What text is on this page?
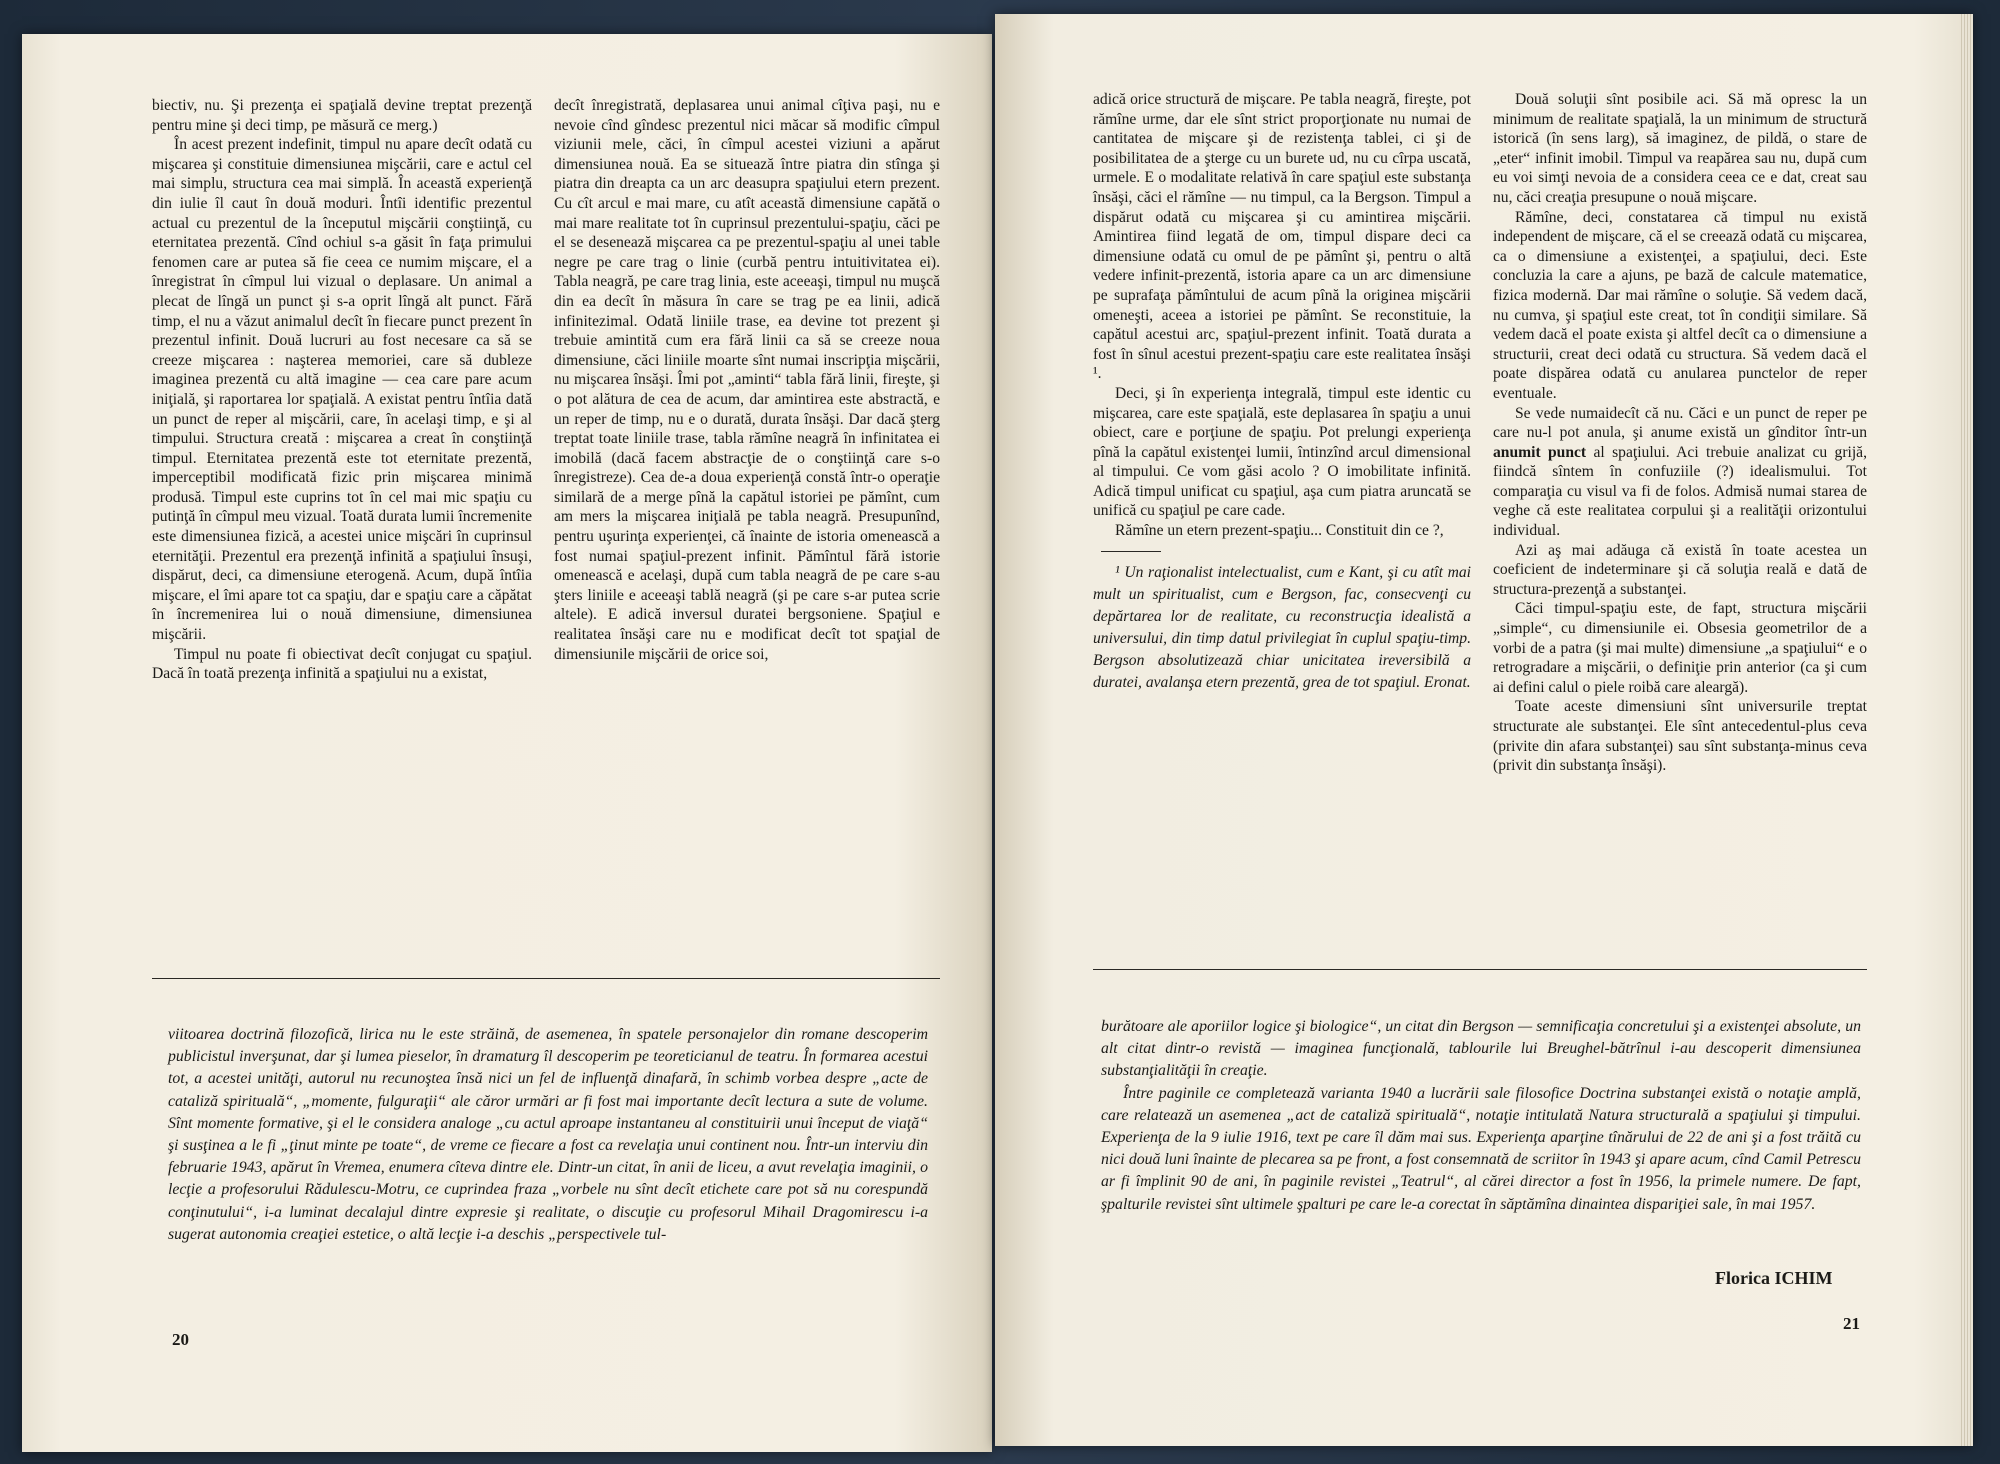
biectiv, nu. Şi prezenţa ei spaţială devine treptat prezenţă pentru mine şi deci timp, pe măsură ce merg.)

În acest prezent indefinit, timpul nu apare decît odată cu mişcarea şi constituie dimensiunea mişcării, care e actul cel mai simplu, structura cea mai simplă. În această experienţă din iulie îl caut în două moduri. Întîi identific prezentul actual cu prezentul de la începutul mişcării conştiinţă, cu eternitatea prezentă. Cînd ochiul s-a găsit în faţa primului fenomen care ar putea să fie ceea ce numim mişcare, el a înregistrat în cîmpul lui vizual o deplasare. Un animal a plecat de lîngă un punct şi s-a oprit lîngă alt punct. Fără timp, el nu a văzut animalul decît în fiecare punct prezent în prezentul infinit. Două lucruri au fost necesare ca să se creeze mişcarea : naşterea memoriei, care să dubleze imaginea prezentă cu altă imagine — cea care pare acum iniţială, şi raportarea lor spaţială. A existat pentru întîia dată un punct de reper al mişcării, care, în acelaşi timp, e şi al timpului. Structura creată : mişcarea a creat în conştiinţă timpul. Eternitatea prezentă este tot eternitate prezentă, imperceptibil modificată fizic prin mişcarea minimă produsă. Timpul este cuprins tot în cel mai mic spaţiu cu putinţă în cîmpul meu vizual. Toată durata lumii încremenite este dimensiunea fizică, a acestei unice mişcări în cuprinsul eternităţii. Prezentul era prezenţă infinită a spaţiului însuşi, dispărut, deci, ca dimensiune eterogenă. Acum, după întîia mişcare, el îmi apare tot ca spaţiu, dar e spaţiu care a căpătat în încremenirea lui o nouă dimensiune, dimensiunea mişcării.

Timpul nu poate fi obiectivat decît conjugat cu spaţiul. Dacă în toată prezenţa infinită a spaţiului nu a existat,

decît înregistrată, deplasarea unui animal cîţiva paşi, nu e nevoie cînd gîndesc prezentul nici măcar să modific cîmpul viziunii mele, căci, în cîmpul acestei viziuni a apărut dimensiunea nouă. Ea se situează între piatra din stînga şi piatra din dreapta ca un arc deasupra spaţiului etern prezent. Cu cît arcul e mai mare, cu atît această dimensiune capătă o mai mare realitate tot în cuprinsul prezentului-spaţiu, căci pe el se desenează mişcarea ca pe prezentul-spaţiu al unei table negre pe care trag o linie (curbă pentru intuitivitatea ei). Tabla neagră, pe care trag linia, este aceeaşi, timpul nu muşcă din ea decît în măsura în care se trag pe ea linii, adică infinitezimal. Odată liniile trase, ea devine tot prezent şi trebuie amintită cum era fără linii ca să se creeze noua dimensiune, căci liniile moarte sînt numai inscripţia mişcării, nu mişcarea însăşi. Îmi pot „aminti“ tabla fără linii, fireşte, şi o pot alătura de cea de acum, dar amintirea este abstractă, e un reper de timp, nu e o durată, durata însăşi. Dar dacă şterg treptat toate liniile trase, tabla rămîne neagră în infinitatea ei imobilă (dacă facem abstracţie de o conştiinţă care s-o înregistreze). Cea de-a doua experienţă constă într-o operaţie similară de a merge pînă la capătul istoriei pe pămînt, cum am mers la mişcarea iniţială pe tabla neagră. Presupunînd, pentru uşurinţa experienţei, că înainte de istoria omenească a fost numai spaţiul-prezent infinit. Pămîntul fără istorie omenească e acelaşi, după cum tabla neagră de pe care s-au şters liniile e aceeaşi tablă neagră (şi pe care s-ar putea scrie altele). E adică inversul duratei bergsoniene. Spaţiul e realitatea însăşi care nu e modificat decît tot spaţial de dimensiunile mişcării de orice soi,

viitoarea doctrină filozofică, lirica nu le este străină, de asemenea, în spatele personajelor din romane descoperim publicistul inverşunat, dar şi lumea pieselor, în dramaturg îl descoperim pe teoreticianul de teatru. În formarea acestui tot, a acestei unităţi, autorul nu recunoştea însă nici un fel de influenţă dinafară, în schimb vorbea despre „acte de cataliză spirituală“, „momente, fulguraţii“ ale căror urmări ar fi fost mai importante decît lectura a sute de volume. Sînt momente formative, şi el le considera analoge „cu actul aproape instantaneu al constituirii unui început de viaţă“ şi susţinea a le fi „ţinut minte pe toate“, de vreme ce fiecare a fost ca revelaţia unui continent nou. Într-un interviu din februarie 1943, apărut în Vremea, enumera cîteva dintre ele. Dintr-un citat, în anii de liceu, a avut revelaţia imaginii, o lecţie a profesorului Rădulescu-Motru, ce cuprindea fraza „vorbele nu sînt decît etichete care pot să nu corespundă conţinutului“, i-a luminat decalajul dintre expresie şi realitate, o discuţie cu profesorul Mihail Dragomirescu i-a sugerat autonomia creaţiei estetice, o altă lecţie i-a deschis „perspectivele tul-
20

adică orice structură de mişcare. Pe tabla neagră, fireşte, pot rămîne urme, dar ele sînt strict proporţionate nu numai de cantitatea de mişcare şi de rezistenţa tablei, ci şi de posibilitatea de a şterge cu un burete ud, nu cu cîrpa uscată, urmele. E o modalitate relativă în care spaţiul este substanţa însăşi, căci el rămîne — nu timpul, ca la Bergson. Timpul a dispărut odată cu mişcarea şi cu amintirea mişcării. Amintirea fiind legată de om, timpul dispare deci ca dimensiune odată cu omul de pe pămînt şi, pentru o altă vedere infinit-prezentă, istoria apare ca un arc dimensiune pe suprafaţa pămîntului de acum pînă la originea mişcării omeneşti, aceea a istoriei pe pămînt. Se reconstituie, la capătul acestui arc, spaţiul-prezent infinit. Toată durata a fost în sînul acestui prezent-spaţiu care este realitatea însăşi ¹.

Deci, şi în experienţa integrală, timpul este identic cu mişcarea, care este spaţială, este deplasarea în spaţiu a unui obiect, care e porţiune de spaţiu. Pot prelungi experienţa pînă la capătul existenţei lumii, întinzînd arcul dimensional al timpului. Ce vom găsi acolo ? O imobilitate infinită. Adică timpul unificat cu spaţiul, aşa cum piatra aruncată se unifică cu spaţiul pe care cade.

Rămîne un etern prezent-spaţiu... Constituit din ce ?,

¹ Un raţionalist intelectualist, cum e Kant, şi cu atît mai mult un spiritualist, cum e Bergson, fac, consecvenţi cu depărtarea lor de realitate, cu reconstrucţia idealistă a universului, din timp datul privilegiat în cuplul spaţiu-timp. Bergson absolutizează chiar unicitatea ireversibilă a duratei, avalanşa etern prezentă, grea de tot spaţiul. Eronat.

Două soluţii sînt posibile aci. Să mă opresc la un minimum de realitate spaţială, la un minimum de structură istorică (în sens larg), să imaginez, de pildă, o stare de „eter“ infinit imobil. Timpul va reapărea sau nu, după cum eu voi simţi nevoia de a considera ceea ce e dat, creat sau nu, căci creaţia presupune o nouă mişcare.

Rămîne, deci, constatarea că timpul nu există independent de mişcare, că el se creează odată cu mişcarea, ca o dimensiune a existenţei, a spaţiului, deci. Este concluzia la care a ajuns, pe bază de calcule matematice, fizica modernă. Dar mai rămîne o soluţie. Să vedem dacă, nu cumva, şi spaţiul este creat, tot în condiţii similare. Să vedem dacă el poate exista şi altfel decît ca o dimensiune a structurii, creat deci odată cu structura. Să vedem dacă el poate dispărea odată cu anularea punctelor de reper eventuale.

Se vede numaidecît că nu. Căci e un punct de reper pe care nu-l pot anula, şi anume există un gînditor într-un anumit punct al spaţiului. Aci trebuie analizat cu grijă, fiindcă sîntem în confuziile (?) idealismului. Tot comparaţia cu visul va fi de folos. Admisă numai starea de veghe că este realitatea corpului şi a realităţii orizontului individual.

Azi aş mai adăuga că există în toate acestea un coeficient de indeterminare şi că soluţia reală e dată de structura-prezenţă a substanţei.

Căci timpul-spaţiu este, de fapt, structura mişcării „simple“, cu dimensiunile ei. Obsesia geometrilor de a vorbi de a patra (şi mai multe) dimensiune „a spaţiului“ e o retrogradare a mişcării, o definiţie prin anterior (ca şi cum ai defini calul o piele roibă care aleargă).

Toate aceste dimensiuni sînt universurile treptat structurate ale substanţei. Ele sînt antecedentul-plus ceva (privite din afara substanţei) sau sînt substanţa-minus ceva (privit din substanţa însăşi).

burătoare ale aporiilor logice şi biologice“, un citat din Bergson — semnificaţia concretului şi a existenţei absolute, un alt citat dintr-o revistă — imaginea funcţională, tablourile lui Breughel-bătrînul i-au descoperit dimensiunea substanţialităţii în creaţie.
Între paginile ce completează varianta 1940 a lucrării sale filosofice Doctrina substanţei există o notaţie amplă, care relatează un asemenea „act de cataliză spirituală“, notaţie intitulată Natura structurală a spaţiului şi timpului. Experienţa de la 9 iulie 1916, text pe care îl dăm mai sus. Experienţa aparţine tînărului de 22 de ani şi a fost trăită cu nici două luni înainte de plecarea sa pe front, a fost consemnată de scriitor în 1943 şi apare acum, cînd Camil Petrescu ar fi împlinit 90 de ani, în paginile revistei „Teatrul“, al cărei director a fost în 1956, la primele numere. De fapt, şpalturile revistei sînt ultimele şpalturi pe care le-a corectat în săptămîna dinaintea dispariţiei sale, în mai 1957.
Florica ICHIM
21
